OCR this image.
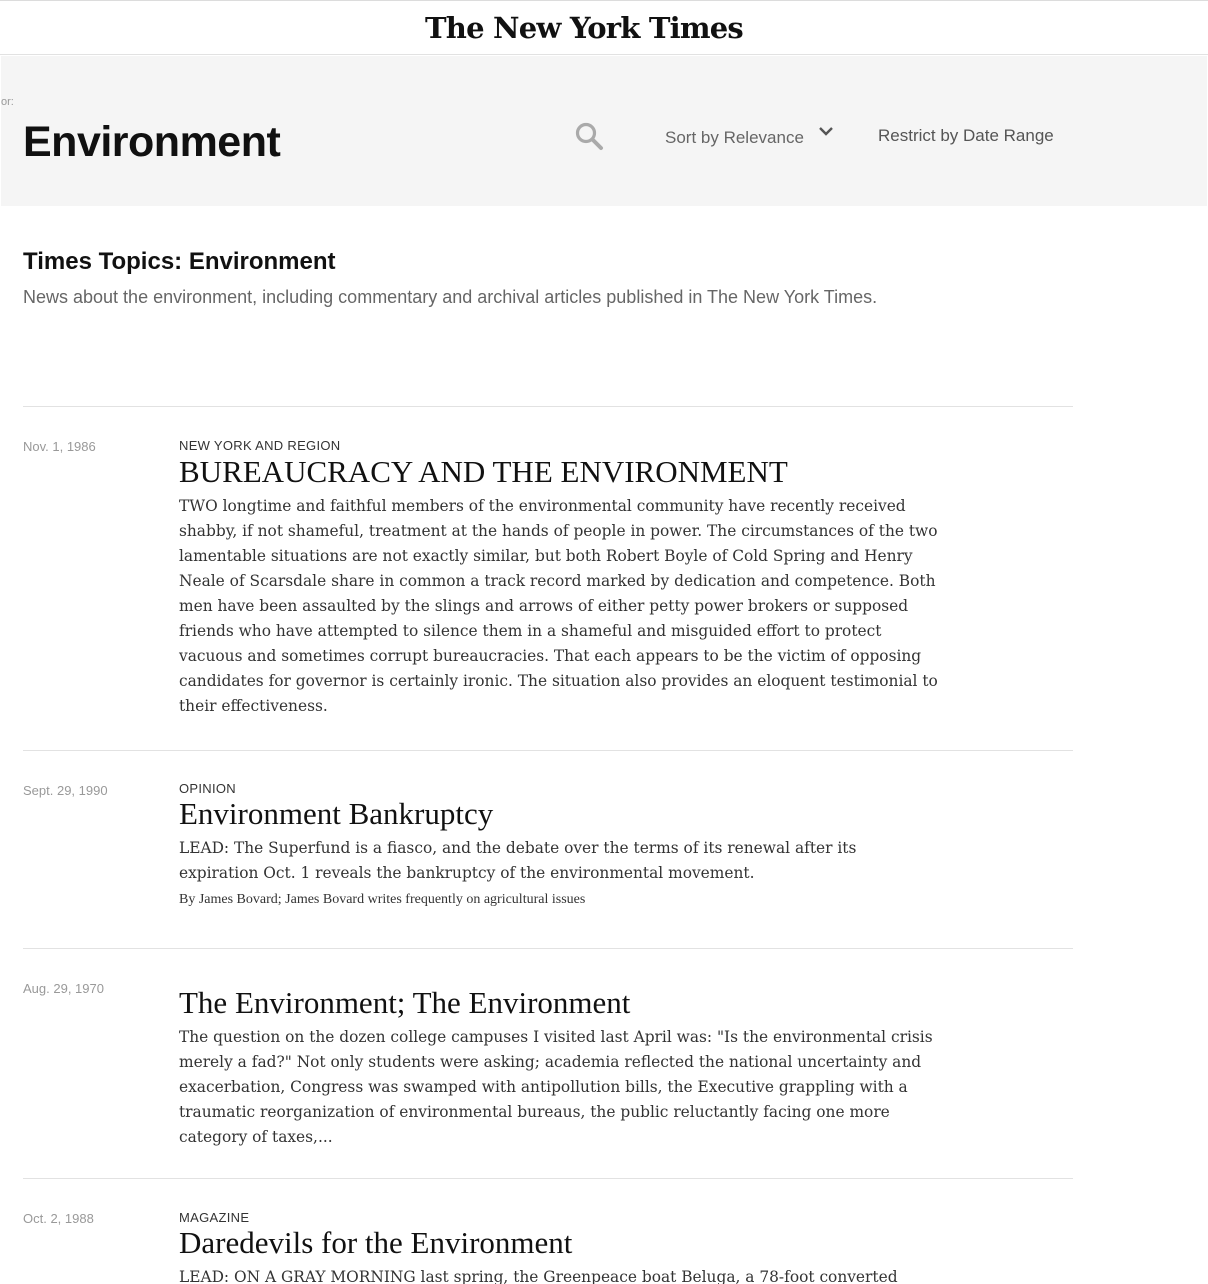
The New York Times
or:
Environment	Sort by Relevance	Restrict by Date Range
Times Topics: Environment
News about the environment, including commentary and archival articles published in The New York Times.
Nov. 1, 1986	NEW YORK AND REGION
BUREAUCRACY AND THE ENVIRONMENT
TWO longtime and faithful members of the environmental community have recently received shabby, if not shameful, treatment at the hands of people in power. The circumstances of the two lamentable situations are not exactly similar, but both Robert Boyle of Cold Spring and Henry Neale of Scarsdale share in common a track record marked by dedication and competence. Both men have been assaulted by the slings and arrows of either petty power brokers or supposed friends who have attempted to silence them in a shameful and misguided effort to protect vacuous and sometimes corrupt bureaucracies. That each appears to be the victim of opposing candidates for governor is certainly ironic. The situation also provides an eloquent testimonial to their effectiveness.
Sept. 29, 1990	OPINION
Environment Bankruptcy
LEAD: The Superfund is a fiasco, and the debate over the terms of its renewal after its expiration Oct. 1 reveals the bankruptcy of the environmental movement.
By James Bovard; James Bovard writes frequently on agricultural issues
Aug. 29, 1970 The Environment; The Environment
The question on the dozen college campuses I visited last April was: "Is the environmental crisis merely a fad?" Not only students were asking; academia reflected the national uncertainty and exacerbation, Congress was swamped with antipollution bills, the Executive grappling with a traumatic reorganization of environmental bureaus, the public reluctantly facing one more category of taxes,...
Oct. 2, 1988	MAGAZINE
Daredevils for the Environment
LEAD: ON A GRAY MORNING last spring, the Greenpeace boat Beluga, a 78-foot converted
